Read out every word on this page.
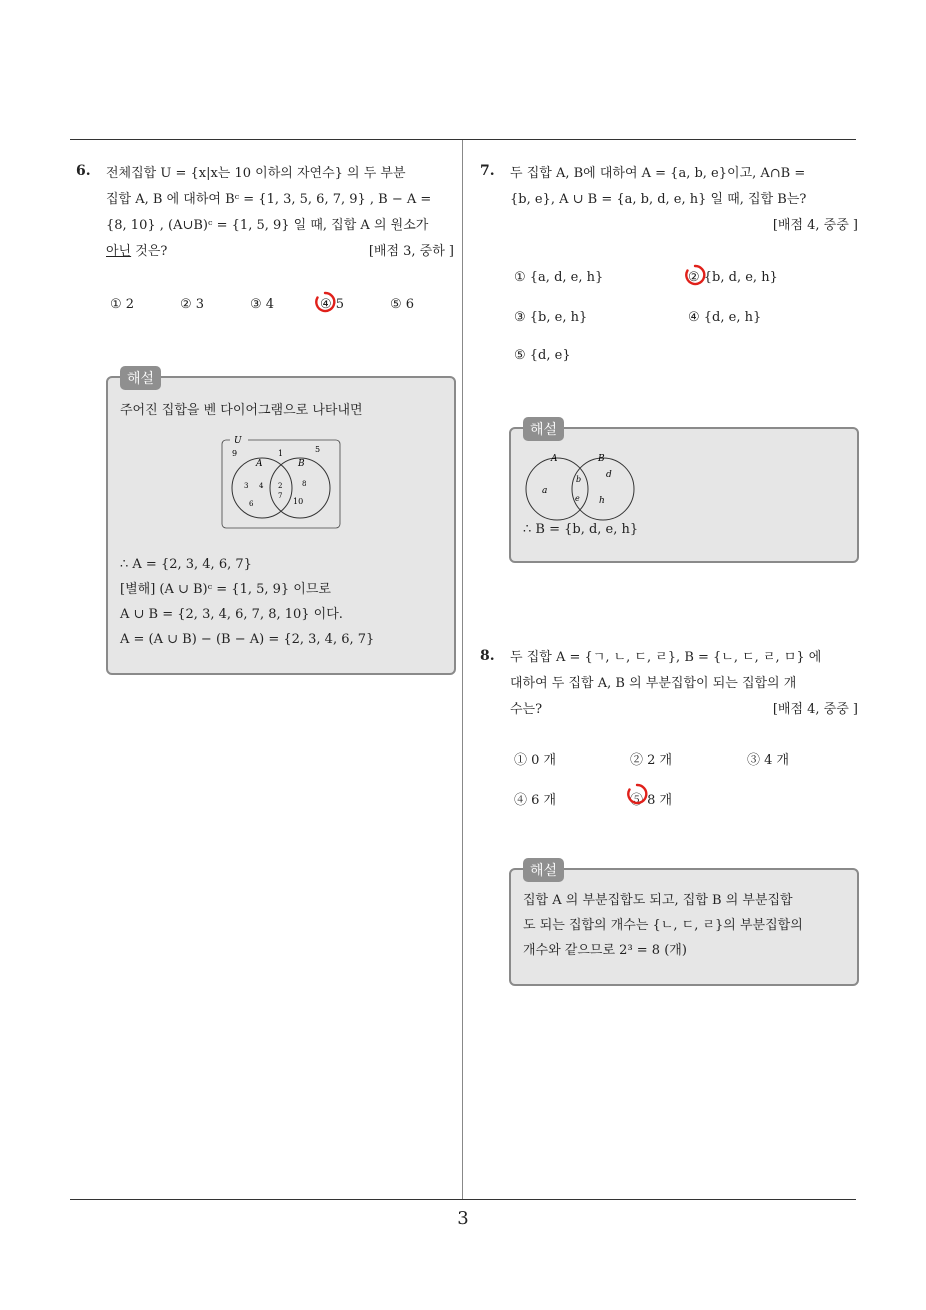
3
6. 전체집합 U = {x|x는 10 이하의 자연수} 의 두 부분
집합 A, B 에 대하여 Bᶜ = {1, 3, 5, 6, 7, 9} , B − A =
{8, 10} , (A∪B)ᶜ = {1, 5, 9} 일 때, 집합 A 의 원소가
아닌 것은?	[배점 3, 중하 ]
① 2	② 3	③ 4	④ 5	⑤ 6
해설
주어진 집합을 벤 다이어그램으로 나타내면
U
A	B
9	1	5
3 4
6
2
7
8
10
∴ A = {2, 3, 4, 6, 7}
[별해] (A ∪ B)ᶜ = {1, 5, 9} 이므로
A ∪ B = {2, 3, 4, 6, 7, 8, 10} 이다.
A = (A ∪ B) − (B − A) = {2, 3, 4, 6, 7}
7. 두 집합 A, B에 대하여 A = {a, b, e}이고, A∩B =
{b, e}, A ∪ B = {a, b, d, e, h} 일 때, 집합 B는?
[배점 4, 중중 ]
① {a, d, e, h}	② {b, d, e, h}
③ {b, e, h}	④ {d, e, h}
⑤ {d, e}
해설
A	B
a
b
e
d
h
∴ B = {b, d, e, h}
8. 두 집합 A = {ㄱ, ㄴ, ㄷ, ㄹ}, B = {ㄴ, ㄷ, ㄹ, ㅁ} 에
대하여 두 집합 A, B 의 부분집합이 되는 집합의 개
수는?	[배점 4, 중중 ]
① 0 개	② 2 개	③ 4 개
④ 6 개	⑤ 8 개
해설
집합 A 의 부분집합도 되고, 집합 B 의 부분집합
도 되는 집합의 개수는 {ㄴ, ㄷ, ㄹ}의 부분집합의
개수와 같으므로 2³ = 8 (개)
